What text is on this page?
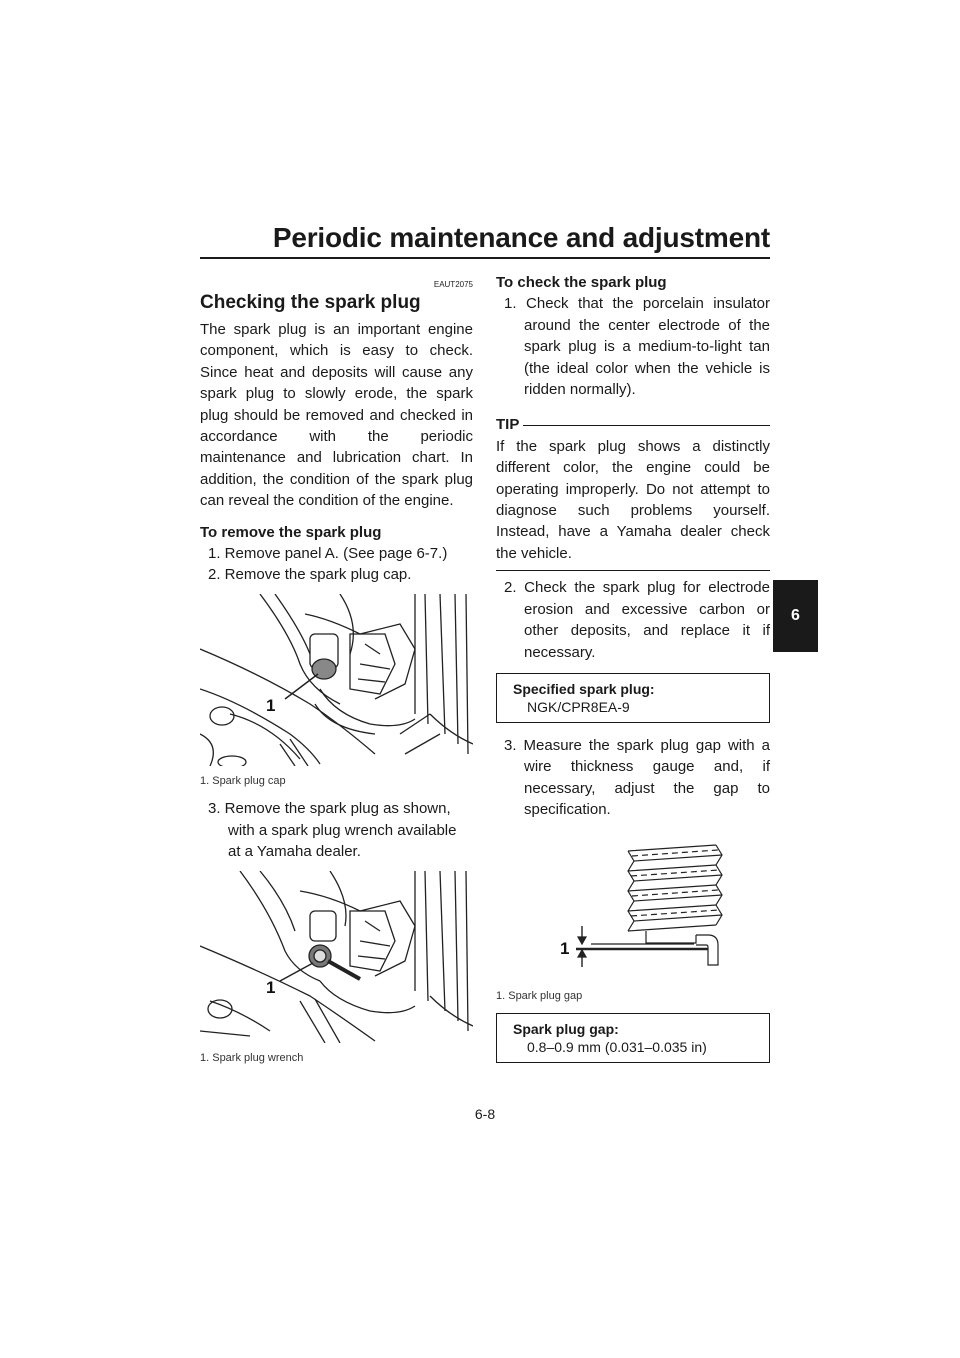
Periodic maintenance and adjustment
6
EAUT2075
Checking the spark plug

The spark plug is an important engine component, which is easy to check. Since heat and deposits will cause any spark plug to slowly erode, the spark plug should be removed and checked in accordance with the periodic maintenance and lubrication chart. In addition, the condition of the spark plug can reveal the condition of the engine.

To remove the spark plug

1. Remove panel A. (See page 6-7.)

2. Remove the spark plug cap.

1
1. Spark plug cap

3. Remove the spark plug as shown, with a spark plug wrench available at a Yamaha dealer.

1
1. Spark plug wrench

To check the spark plug

1. Check that the porcelain insulator around the center electrode of the spark plug is a medium-to-light tan (the ideal color when the vehicle is ridden normally).

TIP

If the spark plug shows a distinctly different color, the engine could be operating improperly. Do not attempt to diagnose such problems yourself. Instead, have a Yamaha dealer check the vehicle.

2. Check the spark plug for electrode erosion and excessive carbon or other deposits, and replace it if necessary.

Specified spark plug:
NGK/CPR8EA-9

3. Measure the spark plug gap with a wire thickness gauge and, if necessary, adjust the gap to specification.

1
1. Spark plug gap
Spark plug gap:
0.8–0.9 mm (0.031–0.035 in)
6-8
